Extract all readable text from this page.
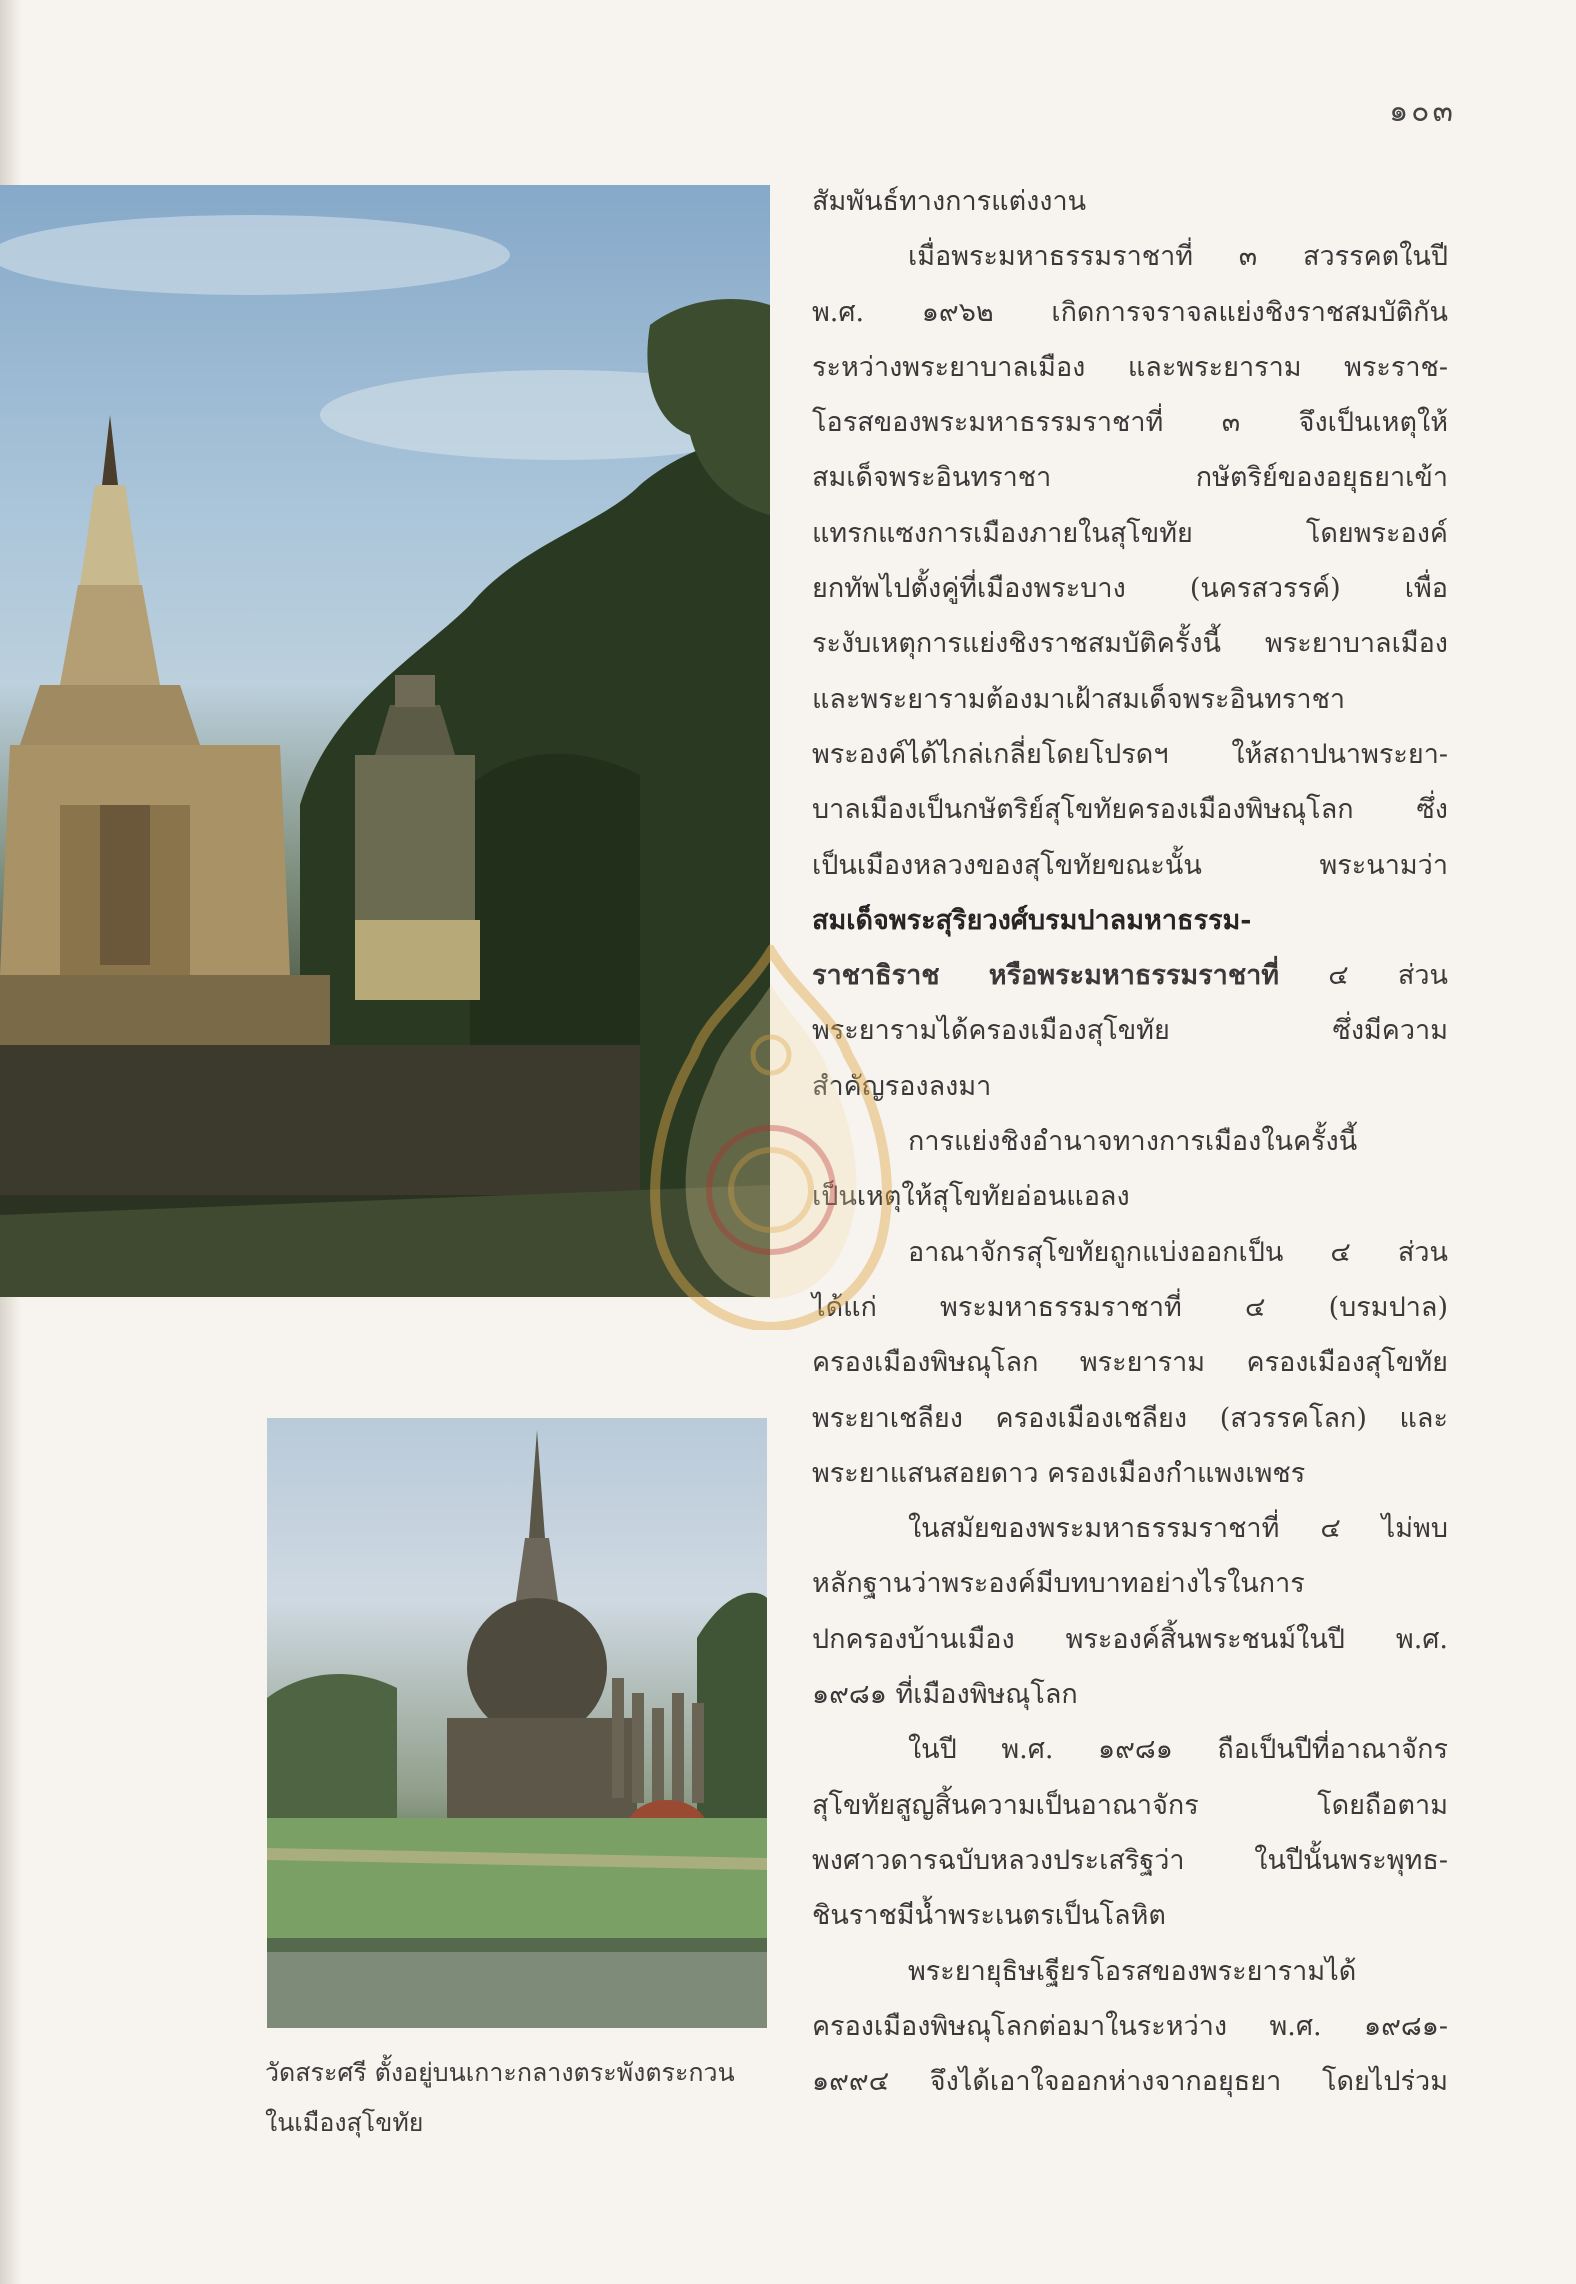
๑๐๓
วัดสระศรี ตั้งอยู่บนเกาะกลางตระพังตระกวน
ในเมืองสุโขทัย
สัมพันธ์ทางการแต่งงาน
เมื่อพระมหาธรรมราชาที่ ๓ สวรรคตในปี
พ.ศ. ๑๙๖๒ เกิดการจราจลแย่งชิงราชสมบัติกัน
ระหว่างพระยาบาลเมือง และพระยาราม พระราช-
โอรสของพระมหาธรรมราชาที่ ๓ จึงเป็นเหตุให้
สมเด็จพระอินทราชา	กษัตริย์ของอยุธยาเข้า
แทรกแซงการเมืองภายในสุโขทัย	โดยพระองค์
ยกทัพไปตั้งคู่ที่เมืองพระบาง (นครสวรรค์) เพื่อ
ระงับเหตุการแย่งชิงราชสมบัติครั้งนี้ พระยาบาลเมือง
และพระยารามต้องมาเฝ้าสมเด็จพระอินทราชา
พระองค์ได้ไกล่เกลี่ยโดยโปรดฯ ให้สถาปนาพระยา-
บาลเมืองเป็นกษัตริย์สุโขทัยครองเมืองพิษณุโลก ซึ่ง
เป็นเมืองหลวงของสุโขทัยขณะนั้น	พระนามว่า
สมเด็จพระสุริยวงศ์บรมปาลมหาธรรม-
ราชาธิราช หรือพระมหาธรรมราชาที่ ๔ ส่วน
พระยารามได้ครองเมืองสุโขทัย	ซึ่งมีความ
สำคัญรองลงมา
การแย่งชิงอำนาจทางการเมืองในครั้งนี้
เป็นเหตุให้สุโขทัยอ่อนแอลง
อาณาจักรสุโขทัยถูกแบ่งออกเป็น ๔ ส่วน
ได้แก่ พระมหาธรรมราชาที่ ๔ (บรมปาล)
ครองเมืองพิษณุโลก พระยาราม ครองเมืองสุโขทัย
พระยาเชลียง ครองเมืองเชลียง (สวรรคโลก) และ
พระยาแสนสอยดาว ครองเมืองกำแพงเพชร
ในสมัยของพระมหาธรรมราชาที่ ๔ ไม่พบ
หลักฐานว่าพระองค์มีบทบาทอย่างไรในการ
ปกครองบ้านเมือง พระองค์สิ้นพระชนม์ในปี พ.ศ.
๑๙๘๑ ที่เมืองพิษณุโลก
ในปี พ.ศ. ๑๙๘๑ ถือเป็นปีที่อาณาจักร
สุโขทัยสูญสิ้นความเป็นอาณาจักร	โดยถือตาม
พงศาวดารฉบับหลวงประเสริฐว่า	ในปีนั้นพระพุทธ-
ชินราชมีน้ำพระเนตรเป็นโลหิต
พระยายุธิษเฐียรโอรสของพระยารามได้
ครองเมืองพิษณุโลกต่อมาในระหว่าง พ.ศ. ๑๙๘๑-
๑๙๙๔ จึงได้เอาใจออกห่างจากอยุธยา โดยไปร่วม
